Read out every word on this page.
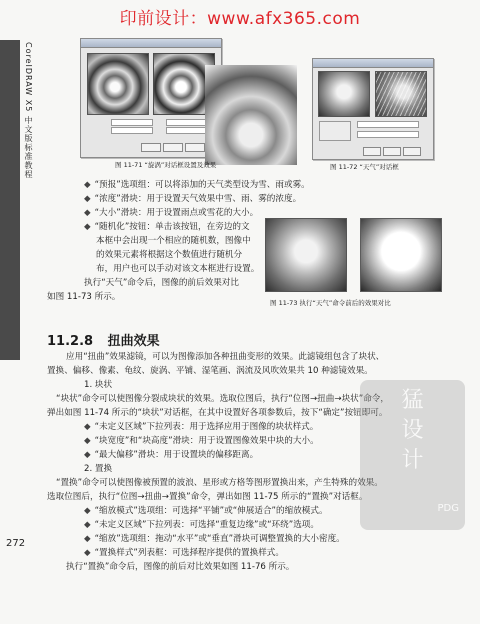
印前设计：www.afx365.com
CoreIDRAW X5 中文版标准教程	图 11-71 “旋涡”对话框设置及效果	图 11-72 “天气”对话框
◆ “预报”选项组：可以将添加的天气类型设为雪、雨或雾。
◆ “浓度”滑块：用于设置天气效果中雪、雨、雾的浓度。
◆ “大小”滑块：用于设置雨点或雪花的大小。
◆ “随机化”按钮：单击该按钮，在旁边的文
本框中会出现一个相应的随机数，图像中
的效果元素将根据这个数值进行随机分
布，用户也可以手动对该文本框进行设置。
执行“天气”命令后，图像的前后效果对比
如图 11-73 所示。
图 11-73 执行“天气”命令前后的效果对比
11.2.8 扭曲效果
应用“扭曲”效果滤镜，可以为图像添加各种扭曲变形的效果。此滤镜组包含了块状、
置换、偏移、像素、龟纹、旋涡、平铺、湿笔画、涡流及风吹效果共 10 种滤镜效果。
1. 块状
“块状”命令可以使图像分裂成块状的效果。选取位图后，执行“位图→扭曲→块状”命令，
弹出如图 11-74 所示的“块状”对话框，在其中设置好各项参数后，按下“确定”按钮即可。
◆ “未定义区域”下拉列表：用于选择应用于图像的块状样式。
◆ “块宽度”和“块高度”滑块：用于设置图像效果中块的大小。
◆ “最大偏移”滑块：用于设置块的偏移距离。
2. 置换
“置换”命令可以使图像被预置的波浪、星形或方格等图形置换出来，产生特殊的效果。
选取位图后，执行“位图→扭曲→置换”命令，弹出如图 11-75 所示的“置换”对话框。
◆ “缩放模式”选项组：可选择“平铺”或“伸展适合”的缩放模式。
◆ “未定义区域”下拉列表：可选择“重复边缘”或“环绕”选项。
◆ “缩放”选项组：拖动“水平”或“垂直”滑块可调整置换的大小密度。
◆ “置换样式”列表框：可选择程序提供的置换样式。
执行“置换”命令后，图像的前后对比效果如图 11-76 所示。
272
猛
设
计
PDG
